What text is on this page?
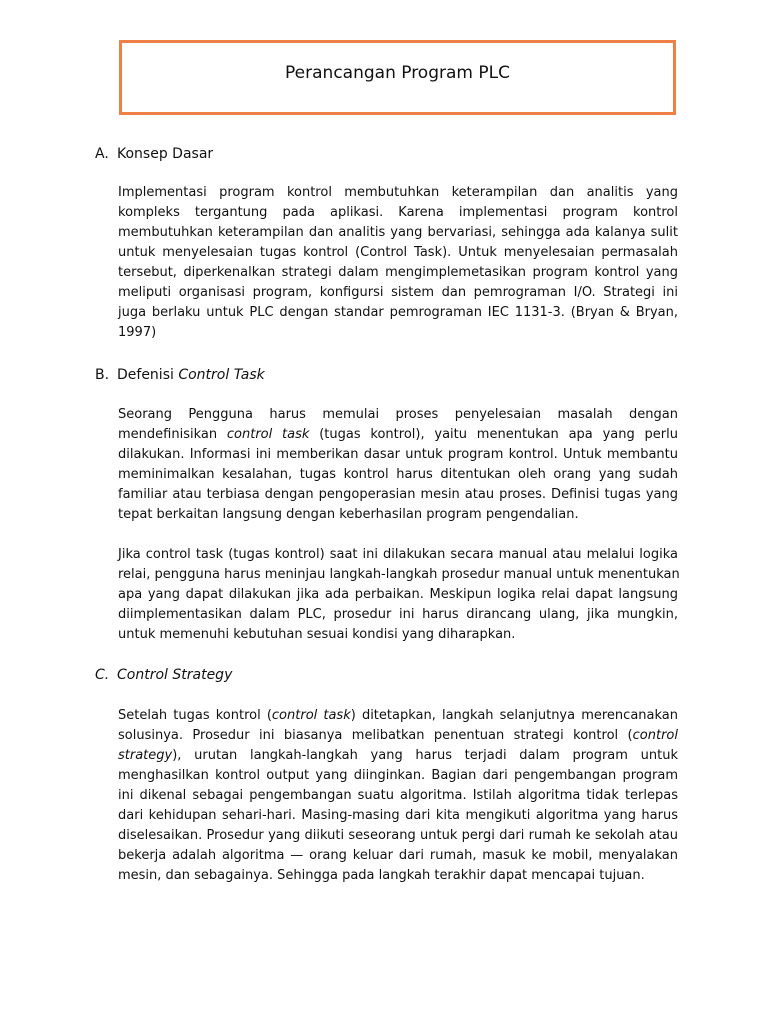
Perancangan Program PLC
A. Konsep Dasar

Implementasi program kontrol membutuhkan keterampilan dan analitis yang
kompleks tergantung pada aplikasi. Karena implementasi program kontrol
membutuhkan keterampilan dan analitis yang bervariasi, sehingga ada kalanya sulit
untuk menyelesaian tugas kontrol (Control Task). Untuk menyelesaian permasalah
tersebut, diperkenalkan strategi dalam mengimplemetasikan program kontrol yang
meliputi organisasi program, konfigursi sistem dan pemrograman I/O. Strategi ini
juga berlaku untuk PLC dengan standar pemrograman IEC 1131-3. (Bryan & Bryan,
1997)

B. Defenisi Control Task

Seorang Pengguna harus memulai proses penyelesaian masalah dengan
mendefinisikan control task (tugas kontrol), yaitu menentukan apa yang perlu
dilakukan. Informasi ini memberikan dasar untuk program kontrol. Untuk membantu
meminimalkan kesalahan, tugas kontrol harus ditentukan oleh orang yang sudah
familiar atau terbiasa dengan pengoperasian mesin atau proses. Definisi tugas yang
tepat berkaitan langsung dengan keberhasilan program pengendalian.

Jika control task (tugas kontrol) saat ini dilakukan secara manual atau melalui logika
relai, pengguna harus meninjau langkah-langkah prosedur manual untuk menentukan
apa yang dapat dilakukan jika ada perbaikan. Meskipun logika relai dapat langsung
diimplementasikan dalam PLC, prosedur ini harus dirancang ulang, jika mungkin,
untuk memenuhi kebutuhan sesuai kondisi yang diharapkan.

C. Control Strategy

Setelah tugas kontrol (control task) ditetapkan, langkah selanjutnya merencanakan
solusinya. Prosedur ini biasanya melibatkan penentuan strategi kontrol (control
strategy), urutan langkah-langkah yang harus terjadi dalam program untuk
menghasilkan kontrol output yang diinginkan. Bagian dari pengembangan program
ini dikenal sebagai pengembangan suatu algoritma. Istilah algoritma tidak terlepas
dari kehidupan sehari-hari. Masing-masing dari kita mengikuti algoritma yang harus
diselesaikan. Prosedur yang diikuti seseorang untuk pergi dari rumah ke sekolah atau
bekerja adalah algoritma — orang keluar dari rumah, masuk ke mobil, menyalakan
mesin, dan sebagainya. Sehingga pada langkah terakhir dapat mencapai tujuan.
